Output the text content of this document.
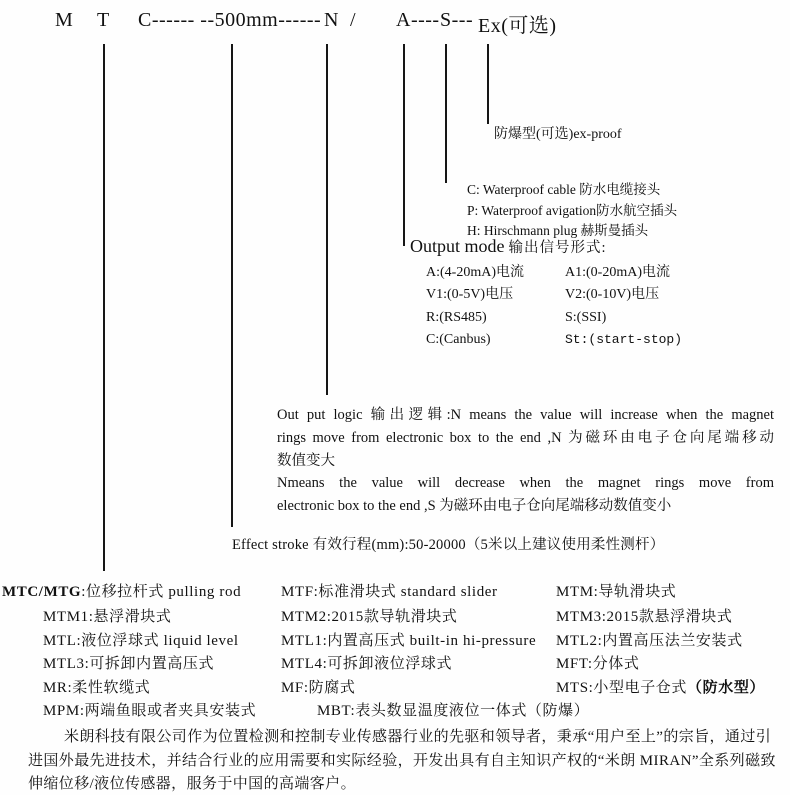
M T C------ --500mm------ N / A---- S--- Ex(可选)
防爆型(可选)ex-proof
C: Waterproof cable 防水电缆接头
P: Waterproof avigation防水航空插头
H: Hirschmann plug 赫斯曼插头
Output mode 输出信号形式:
A:(4-20mA)电流	A1:(0-20mA)电流
V1:(0-5V)电压	V2:(0-10V)电压
R:(RS485)	S:(SSI)
C:(Canbus)	St:(start-stop)
Out put logic 输出逻辑:N means the value will increase when the magnet
rings move from electronic box to the end ,N 为磁环由电子仓向尾端移动
数值变大
Nmeans the value will decrease when the magnet rings move from
electronic box to the end ,S 为磁环由电子仓向尾端移动数值变小
Effect stroke 有效行程(mm):50-20000（5米以上建议使用柔性测杆）
MTC/MTG:位移拉杆式 pulling rod	MTF:标准滑块式 standard slider	MTM:导轨滑块式
MTM1:悬浮滑块式	MTM2:2015款导轨滑块式	MTM3:2015款悬浮滑块式
MTL:液位浮球式 liquid level	MTL1:内置高压式 built-in hi-pressure MTL2:内置高压法兰安装式
MTL3:可拆卸内置高压式	MTL4:可拆卸液位浮球式	MFT:分体式
MR:柔性软缆式	MF:防腐式	MTS:小型电子仓式（防水型）
MPM:两端鱼眼或者夹具安装式	MBT:表头数显温度液位一体式（防爆）
米朗科技有限公司作为位置检测和控制专业传感器行业的先驱和领导者，秉承“用户至上”的宗旨，通过引
进国外最先进技术，并结合行业的应用需要和实际经验，开发出具有自主知识产权的“米朗 MIRAN”全系列磁致
伸缩位移/液位传感器，服务于中国的高端客户。
